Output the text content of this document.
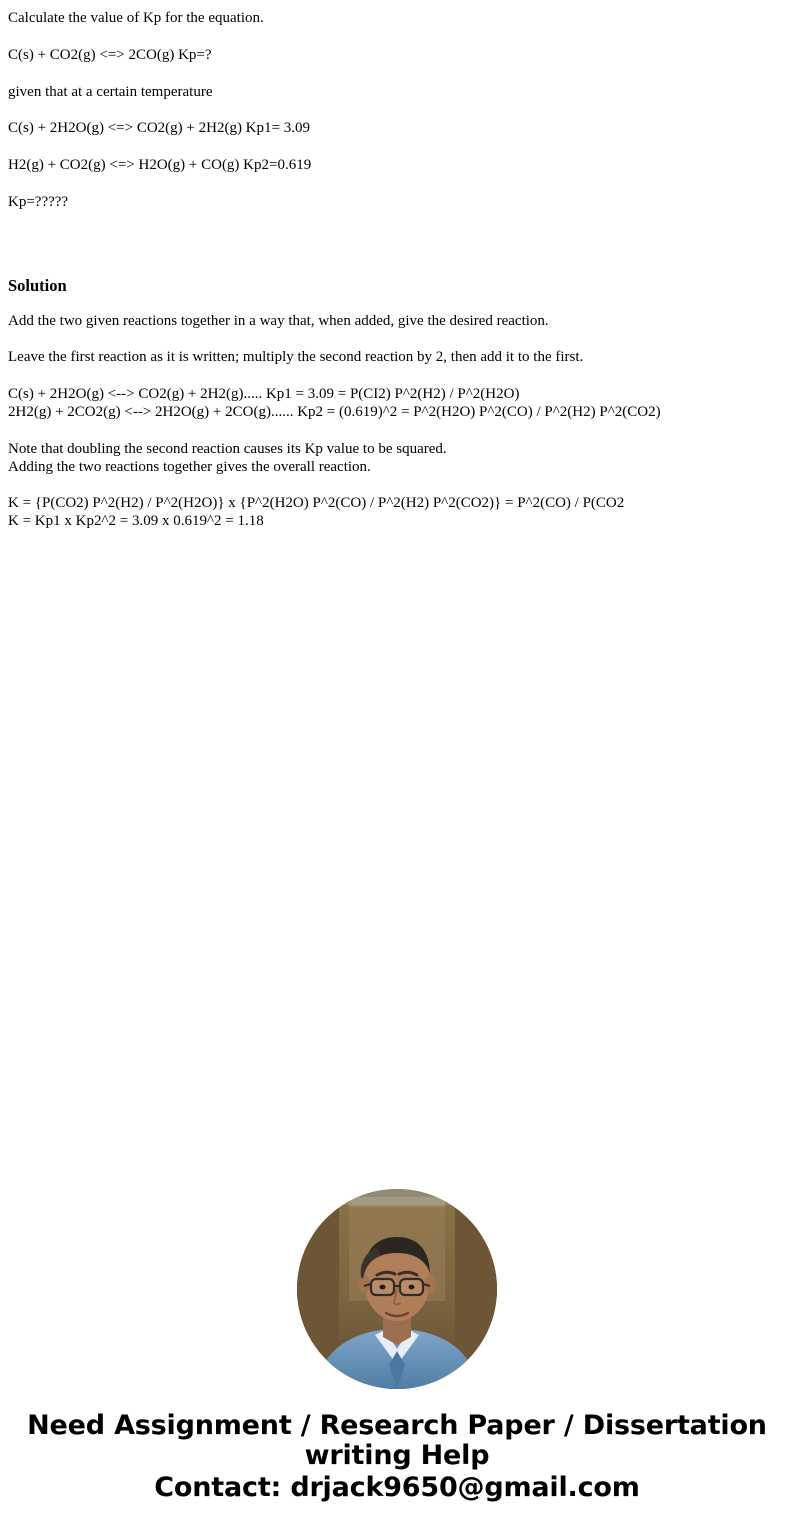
Calculate the value of Kp for the equation.

C(s) + CO2(g) <=> 2CO(g) Kp=?

given that at a certain temperature

C(s) + 2H2O(g) <=> CO2(g) + 2H2(g) Kp1= 3.09

H2(g) + CO2(g) <=> H2O(g) + CO(g) Kp2=0.619

Kp=?????

Solution

Add the two given reactions together in a way that, when added, give the desired reaction.

Leave the first reaction as it is written; multiply the second reaction by 2, then add it to the first.

C(s) + 2H2O(g) <--> CO2(g) + 2H2(g)..... Kp1 = 3.09 = P(CI2) P^2(H2) / P^2(H2O)

2H2(g) + 2CO2(g) <--> 2H2O(g) + 2CO(g)...... Kp2 = (0.619)^2 = P^2(H2O) P^2(CO) / P^2(H2) P^2(CO2)

Note that doubling the second reaction causes its Kp value to be squared.

Adding the two reactions together gives the overall reaction.

K = {P(CO2) P^2(H2) / P^2(H2O)} x {P^2(H2O) P^2(CO) / P^2(H2) P^2(CO2)} = P^2(CO) / P(CO2

K = Kp1 x Kp2^2 = 3.09 x 0.619^2 = 1.18

Need Assignment / Research Paper / Dissertation writing Help
Contact: drjack9650@gmail.com
